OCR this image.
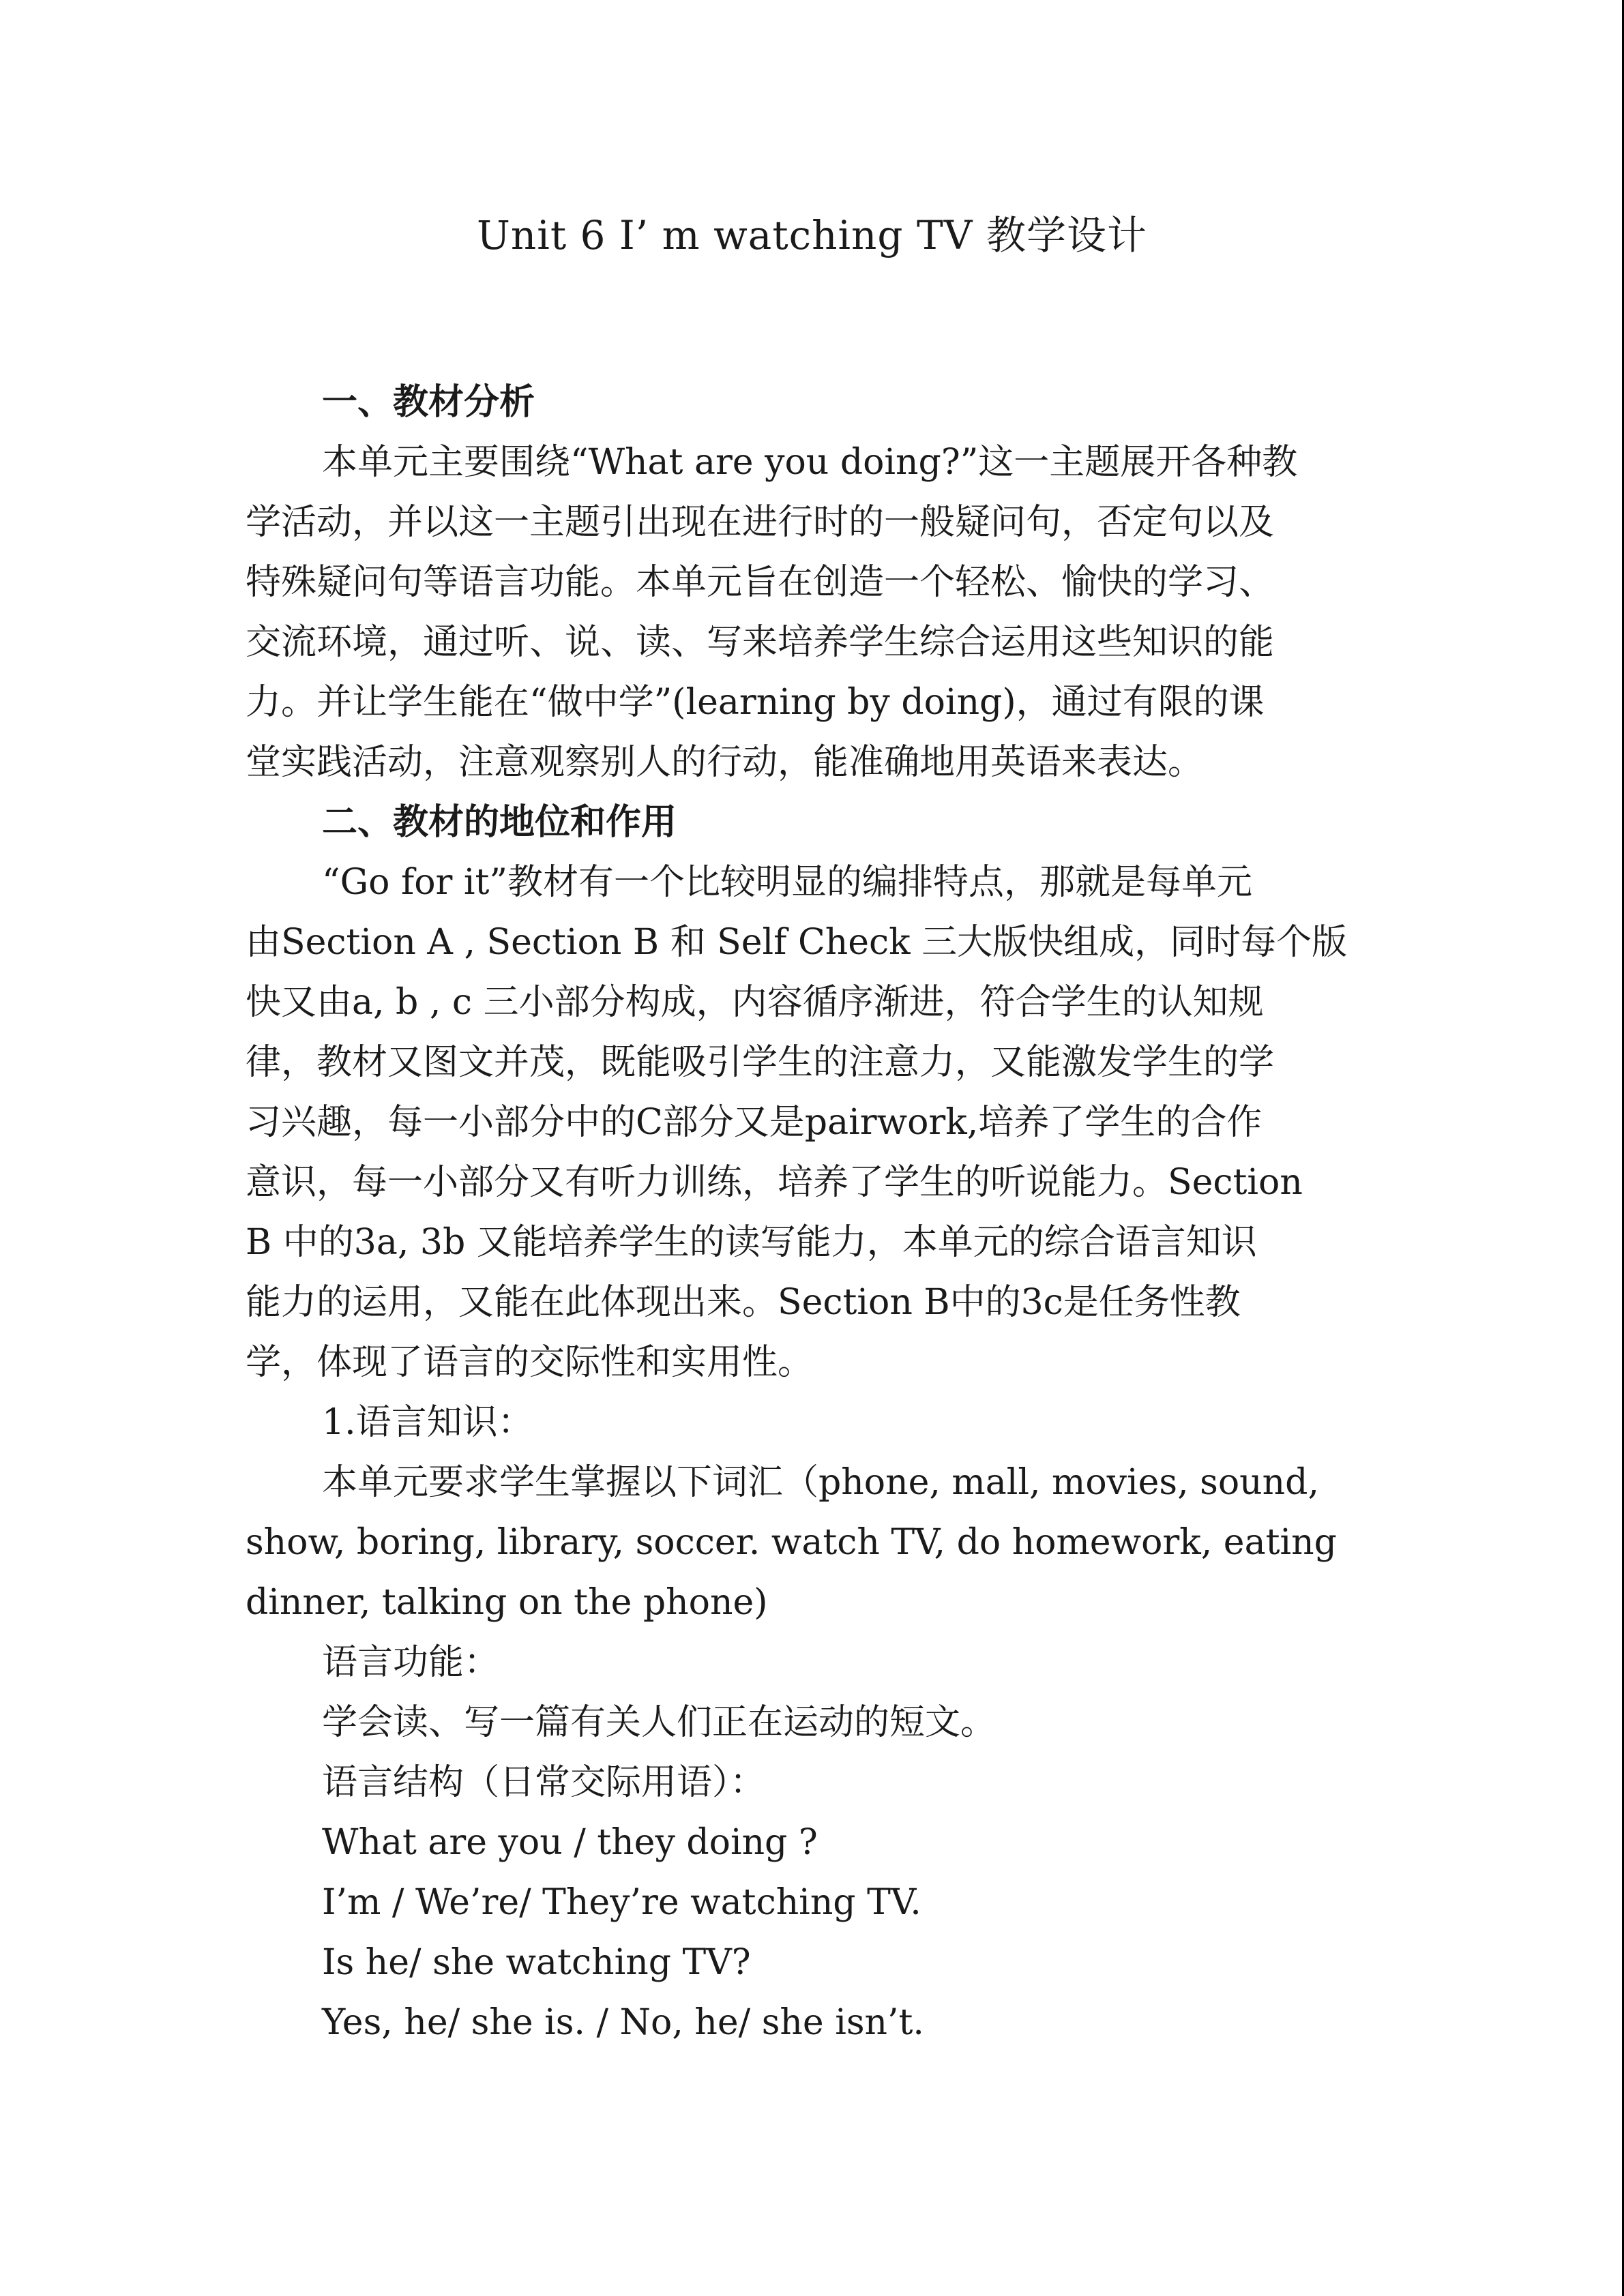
Unit 6 I’ m watching TV 教学设计
一、教材分析
本单元主要围绕“What are you doing?”这一主题展开各种教
学活动，并以这一主题引出现在进行时的一般疑问句，否定句以及
特殊疑问句等语言功能。本单元旨在创造一个轻松、愉快的学习、
交流环境，通过听、说、读、写来培养学生综合运用这些知识的能
力。并让学生能在“做中学”(learning by doing)，通过有限的课
堂实践活动，注意观察别人的行动，能准确地用英语来表达。
二、教材的地位和作用
“Go for it”教材有一个比较明显的编排特点，那就是每单元
由Section A , Section B 和 Self Check 三大版快组成，同时每个版
快又由a, b , c 三小部分构成，内容循序渐进，符合学生的认知规
律，教材又图文并茂，既能吸引学生的注意力，又能激发学生的学
习兴趣，每一小部分中的C部分又是pairwork,培养了学生的合作
意识，每一小部分又有听力训练，培养了学生的听说能力。Section
B 中的3a, 3b 又能培养学生的读写能力，本单元的综合语言知识
能力的运用，又能在此体现出来。Section B中的3c是任务性教
学，体现了语言的交际性和实用性。
1.语言知识：
本单元要求学生掌握以下词汇（phone, mall, movies, sound,
show, boring, library, soccer. watch TV, do homework, eating
dinner, talking on the phone)
语言功能：
学会读、写一篇有关人们正在运动的短文。
语言结构（日常交际用语）：
What are you / they doing ?
I’m / We’re/ They’re watching TV.
Is he/ she watching TV?
Yes, he/ she is. / No, he/ she isn’t.
